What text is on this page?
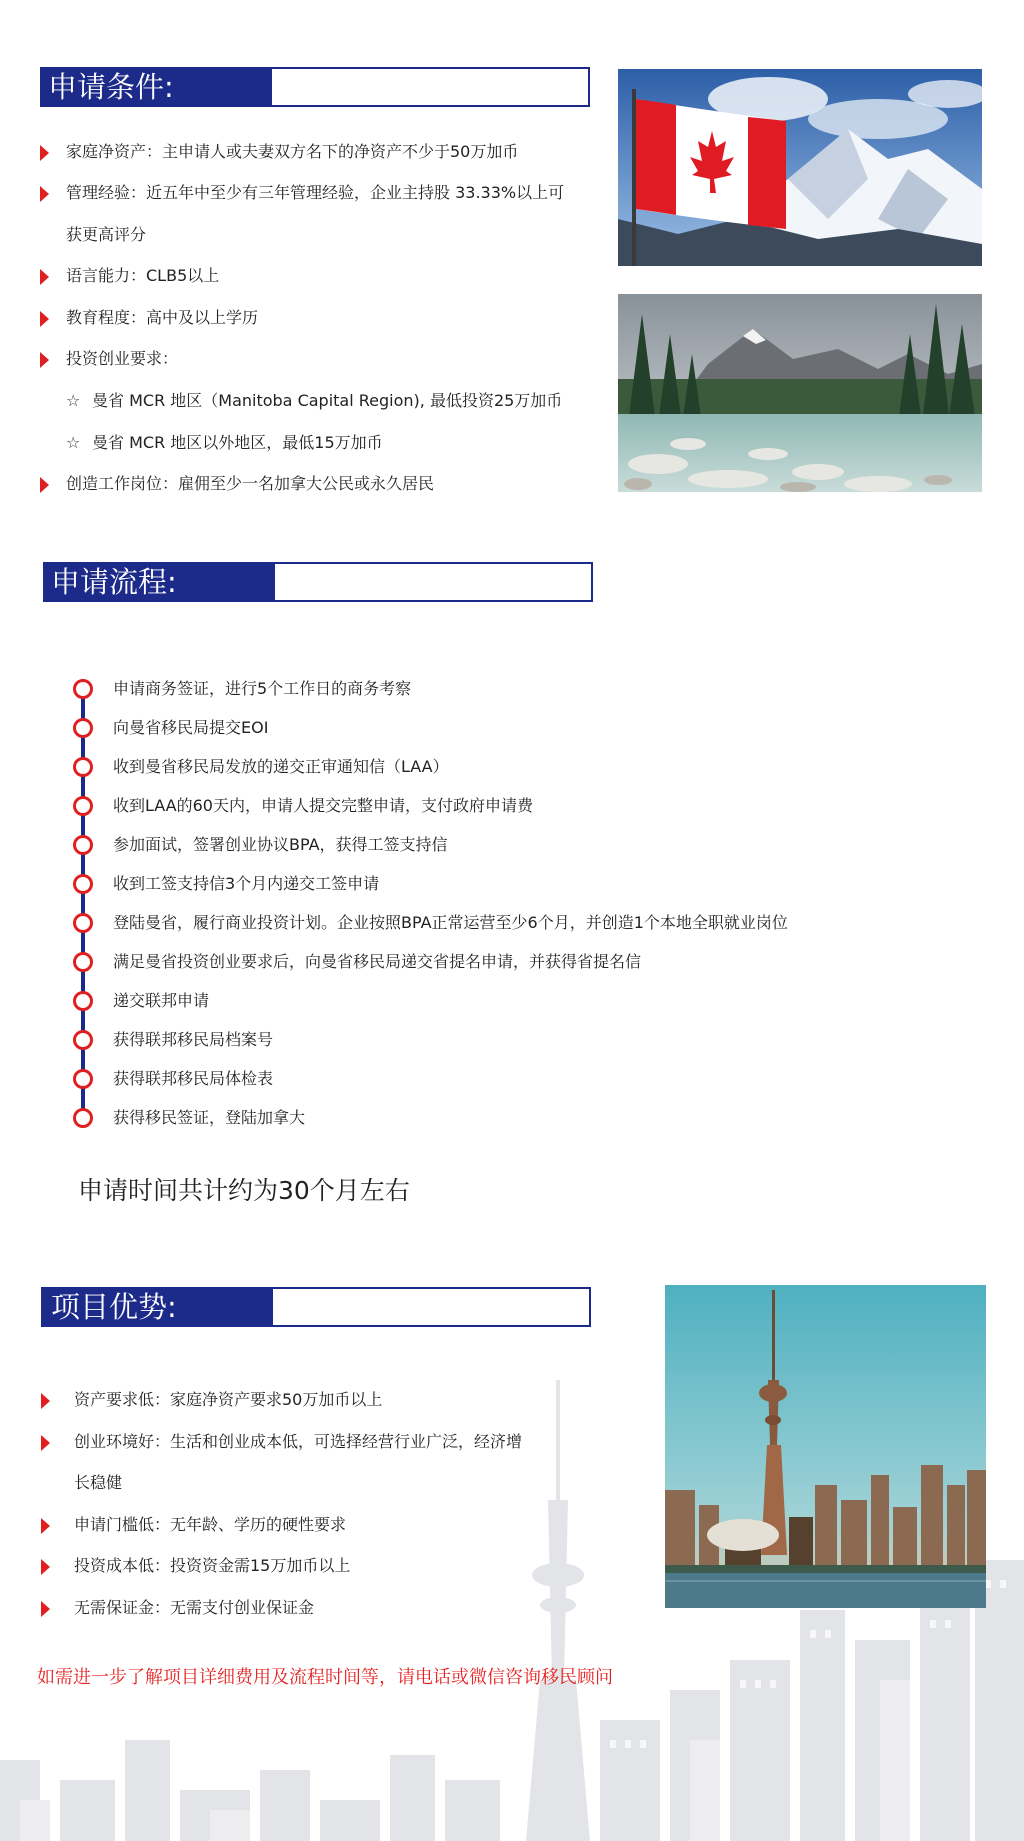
申请条件:
家庭净资产：主申请人或夫妻双方名下的净资产不少于50万加币
管理经验：近五年中至少有三年管理经验，企业主持股 33.33%以上可
获更高评分
语言能力：CLB5以上
教育程度：高中及以上学历
投资创业要求：
☆ 曼省 MCR 地区（Manitoba Capital Region), 最低投资25万加币
☆ 曼省 MCR 地区以外地区，最低15万加币
创造工作岗位：雇佣至少一名加拿大公民或永久居民
申请流程:
申请商务签证，进行5个工作日的商务考察
向曼省移民局提交EOI
收到曼省移民局发放的递交正审通知信（LAA）
收到LAA的60天内，申请人提交完整申请，支付政府申请费
参加面试，签署创业协议BPA，获得工签支持信
收到工签支持信3个月内递交工签申请
登陆曼省，履行商业投资计划。企业按照BPA正常运营至少6个月，并创造1个本地全职就业岗位
满足曼省投资创业要求后，向曼省移民局递交省提名申请，并获得省提名信
递交联邦申请
获得联邦移民局档案号
获得联邦移民局体检表
获得移民签证，登陆加拿大
申请时间共计约为30个月左右
项目优势:
资产要求低：家庭净资产要求50万加币以上
创业环境好：生活和创业成本低，可选择经营行业广泛，经济增
长稳健
申请门槛低：无年龄、学历的硬性要求
投资成本低：投资资金需15万加币以上
无需保证金：无需支付创业保证金
如需进一步了解项目详细费用及流程时间等，请电话或微信咨询移民顾问
